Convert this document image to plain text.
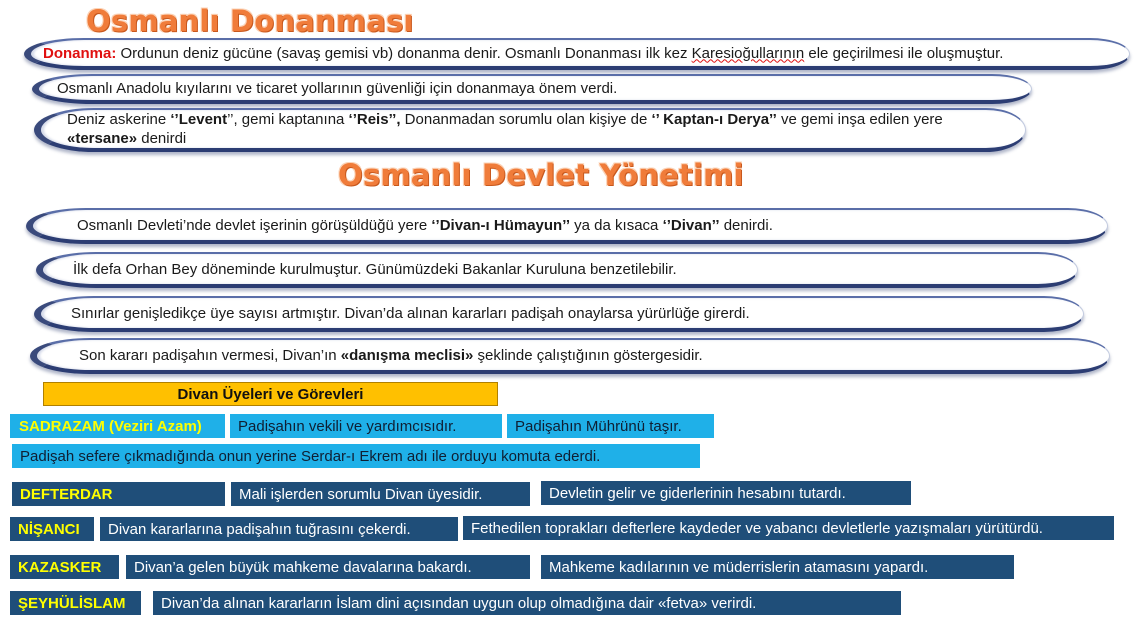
Osmanlı Donanması
Donanma: Ordunun deniz gücüne (savaş gemisi vb) donanma denir. Osmanlı Donanması ilk kez Karesioğullarının ele geçirilmesi ile oluşmuştur.
Osmanlı Anadolu kıyılarını ve ticaret yollarının güvenliği için donanmaya önem verdi.
Deniz askerine ‘’Levent’’, gemi kaptanına ‘’Reis’’, Donanmadan sorumlu olan kişiye de ‘’ Kaptan-ı Derya’’ ve gemi inşa edilen yere «tersane» denirdi
Osmanlı Devlet Yönetimi
Osmanlı Devleti’nde devlet işerinin görüşüldüğü yere ‘’Divan-ı Hümayun’’ ya da kısaca ‘’Divan’’ denirdi.
İlk defa Orhan Bey döneminde kurulmuştur. Günümüzdeki Bakanlar Kuruluna benzetilebilir.
Sınırlar genişledikçe üye sayısı artmıştır. Divan’da alınan kararları padişah onaylarsa yürürlüğe girerdi.
Son kararı padişahın vermesi, Divan’ın «danışma meclisi» şeklinde çalıştığının göstergesidir.
Divan Üyeleri ve Görevleri
SADRAZAM (Veziri Azam)	Padişahın vekili ve yardımcısıdır.	Padişahın Mührünü taşır.
Padişah sefere çıkmadığında onun yerine Serdar-ı Ekrem adı ile orduyu komuta ederdi.
DEFTERDAR	Mali işlerden sorumlu Divan üyesidir.	Devletin gelir ve giderlerinin hesabını tutardı.
NİŞANCI	Divan kararlarına padişahın tuğrasını çekerdi.	Fethedilen toprakları defterlere kaydeder ve yabancı devletlerle yazışmaları yürütürdü.
KAZASKER	Divan’a gelen büyük mahkeme davalarına bakardı.	Mahkeme kadılarının ve müderrislerin atamasını yapardı.
ŞEYHÜLİSLAM	Divan’da alınan kararların İslam dini açısından uygun olup olmadığına dair «fetva» verirdi.
